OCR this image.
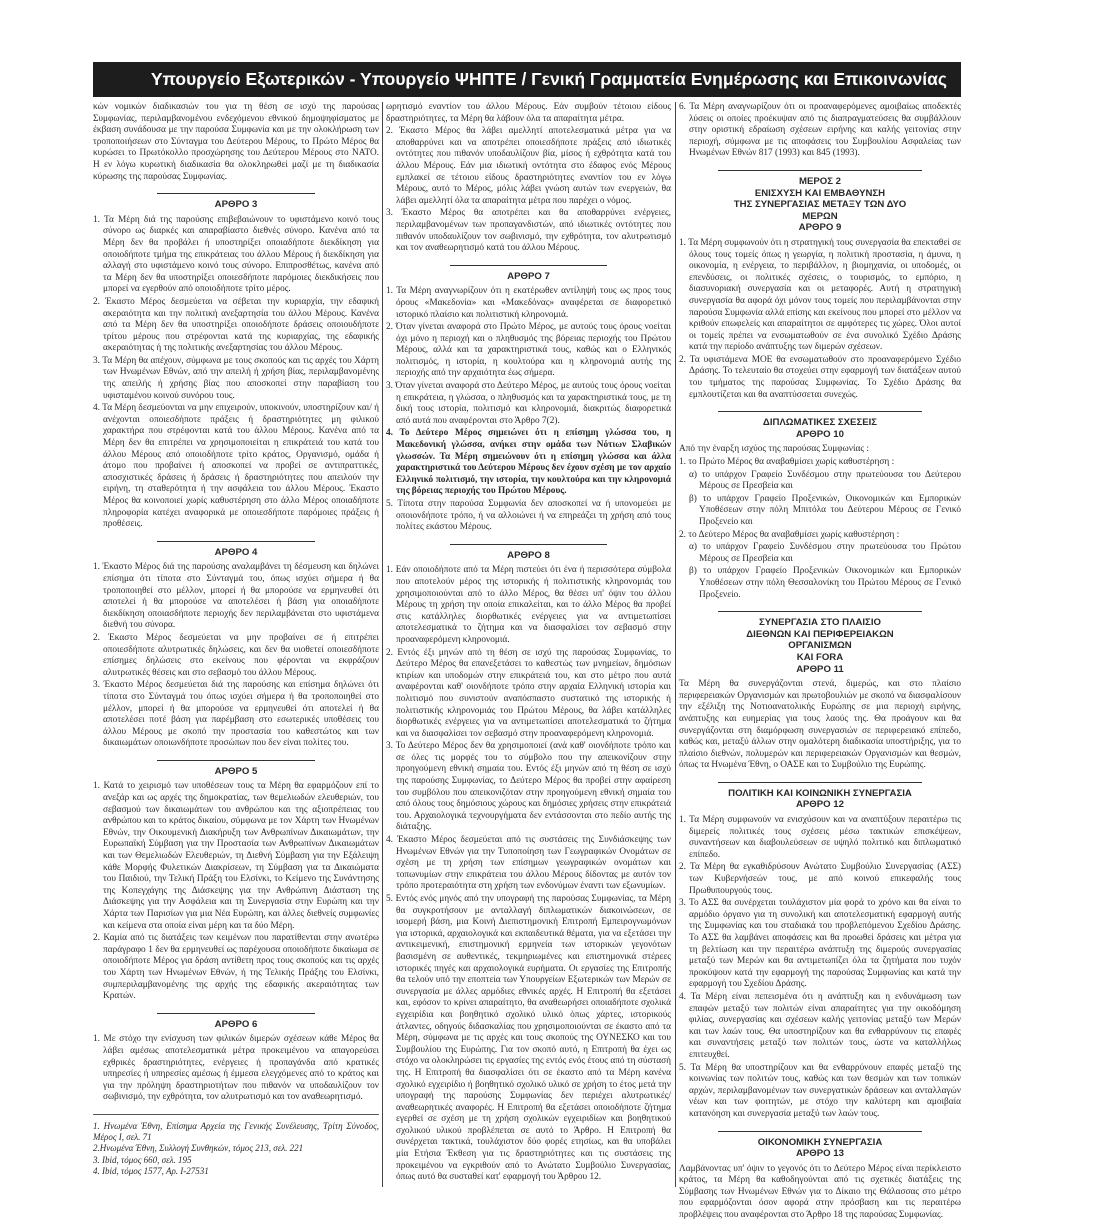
Υπουργείο Εξωτερικών - Υπουργείο ΨΗΠΤΕ / Γενική Γραμματεία Ενημέρωσης και Επικοινωνίας
κών νομικών διαδικασιών του για τη θέση σε ισχύ της παρούσας Συμφωνίας, περιλαμβανομένου ενδεχόμενου εθνικού δημοψηφίσματος με έκβαση συνάδουσα με την παρούσα Συμφωνία και με την ολοκλήρωση των τροποποιήσεων στο Σύνταγμα του Δεύτερου Μέρους, το Πρώτο Μέρος θα κυρώσει το Πρωτόκολλο προσχώρησης του Δεύτερου Μέρους στο NATO. Η εν λόγω κυρωτική διαδικασία θα ολοκληρωθεί μαζί με τη διαδικασία κύρωσης της παρούσας Συμφωνίας.
ΑΡΘΡΟ 3
1. Τα Μέρη διά της παρούσης επιβεβαιώνουν το υφιστάμενο κοινό τους σύνορο ως διαρκές και απαραβίαστο διεθνές σύνορο. Κανένα από τα Μέρη δεν θα προβάλει ή υποστηρίξει οποιαδήποτε διεκδίκηση για οποιοδήποτε τμήμα της επικράτειας του άλλου Μέρους ή διεκδίκηση για αλλαγή στο υφιστάμενο κοινό τους σύνορο. Επιπροσθέτως, κανένα από τα Μέρη δεν θα υποστηρίξει οποιεσδήποτε παρόμοιες διεκδικήσεις που μπορεί να εγερθούν από οποιοδήποτε τρίτο μέρος.
2. Έκαστο Μέρος δεσμεύεται να σέβεται την κυριαρχία, την εδαφική ακεραιότητα και την πολιτική ανεξαρτησία του άλλου Μέρους. Κανένα από τα Μέρη δεν θα υποστηρίξει οποιοδήποτε δράσεις οποιουδήποτε τρίτου μέρους που στρέφονται κατά της κυριαρχίας, της εδαφικής ακεραιότητας ή της πολιτικής ανεξαρτησίας του άλλου Μέρους.
3. Τα Μέρη θα απέχουν, σύμφωνα με τους σκοπούς και τις αρχές του Χάρτη των Ηνωμένων Εθνών, από την απειλή ή χρήση βίας, περιλαμβανομένης της απειλής ή χρήσης βίας που αποσκοπεί στην παραβίαση του υφισταμένου κοινού συνόρου τους.
4. Τα Μέρη δεσμεύονται να μην επιχειρούν, υποκινούν, υποστηρίζουν και/ ή ανέχονται οποιεσδήποτε πράξεις ή δραστηριότητες μη φιλικού χαρακτήρα που στρέφονται κατά του άλλου Μέρους. Κανένα από τα Μέρη δεν θα επιτρέπει να χρησιμοποιείται η επικράτειά του κατά του άλλου Μέρους από οποιοδήποτε τρίτο κράτος, Οργανισμό, ομάδα ή άτομο που προβαίνει ή αποσκοπεί να προβεί σε αντιπραττικές, αποσχιστικές δράσεις ή δράσεις ή δραστηριότητες που απειλούν την ειρήνη, τη σταθερότητα ή την ασφάλεια του άλλου Μέρους. Έκαστο Μέρος θα κοινοποιεί χωρίς καθυστέρηση στο άλλο Μέρος οποιαδήποτε πληροφορία κατέχει αναφορικά με οποιεσδήποτε παρόμοιες πράξεις ή προθέσεις.
ΑΡΘΡΟ 4
1. Έκαστο Μέρος διά της παρούσης αναλαμβάνει τη δέσμευση και δηλώνει επίσημα ότι τίποτα στο Σύνταγμά του, όπως ισχύει σήμερα ή θα τροποποιηθεί στο μέλλον, μπορεί ή θα μπορούσε να ερμηνευθεί ότι αποτελεί ή θα μπορούσε να αποτελέσει ή βάση για οποιαδήποτε διεκδίκηση οποιασδήποτε περιοχής δεν περιλαμβάνεται στο υφιστάμενα διεθνή του σύνορα.
2. Έκαστο Μέρος δεσμεύεται να μην προβαίνει σε ή επιτρέπει οποιεσδήποτε αλυτρωτικές δηλώσεις, και δεν θα υιοθετεί οποιεσδήποτε επίσημες δηλώσεις στο εκείνους που φέρονται να εκφράζουν αλυτρωτικές θέσεις και στο σεβασμό του άλλου Μέρους.
3. Έκαστο Μέρος δεσμεύεται διά της παρούσης και επίσημα δηλώνει ότι τίποτα στο Σύνταγμά του όπως ισχύει σήμερα ή θα τροποποιηθεί στο μέλλον, μπορεί ή θα μπορούσε να ερμηνευθεί ότι αποτελεί ή θα αποτελέσει ποτέ βάση για παρέμβαση στο εσωτερικές υποθέσεις του άλλου Μέρους με σκοπό την προστασία του καθεστώτος και των δικαιωμάτων οποιωνδήποτε προσώπων που δεν είναι πολίτες του.
ΑΡΘΡΟ 5
1. Κατά το χειρισμό των υποθέσεων τους τα Μέρη θα εφαρμόζουν επί το ανεξάρ και ως αρχές της δημοκρατίας, των θεμελιωδών ελευθεριών, του σεβασμού των δικαιωμάτων του ανθρώπου και της αξιοπρέπειας του ανθρώπου και το κράτος δικαίου, σύμφωνα με τον Χάρτη των Ηνωμένων Εθνών, την Οικουμενική Διακήρυξη των Ανθρωπίνων Δικαιωμάτων, την Ευρωπαϊκή Σύμβαση για την Προστασία των Ανθρωπίνων Δικαιωμάτων και των Θεμελιωδών Ελευθεριών, τη Διεθνή Σύμβαση για την Εξάλειψη κάθε Μορφής Φυλετικών Διακρίσεων, τη Σύμβαση για τα Δικαιώματα του Παιδιού, την Τελική Πράξη του Ελσίνκι, το Κείμενο της Συνάντησης της Κοπεγχάγης της Διάσκεψης για την Ανθρώπινη Διάσταση της Διάσκεψης για την Ασφάλεια και τη Συνεργασία στην Ευρώπη και την Χάρτα των Παρισίων για μια Νέα Ευρώπη, και άλλες διεθνείς συμφωνίες και κείμενα στα οποία είναι μέρη και τα δύο Μέρη.
2. Καμία από τις διατάξεις των κειμένων που παρατίθενται στην ανωτέρω παράγραφο 1 δεν θα ερμηνευθεί ως παρέχουσα οποιοδήποτε δικαίωμα σε οποιοδήποτε Μέρος για δράση αντίθετη προς τους σκοπούς και τις αρχές του Χάρτη των Ηνωμένων Εθνών, ή της Τελικής Πράξης του Ελσίνκι, συμπεριλαμβανομένης της αρχής της εδαφικής ακεραιότητας των Κρατών.
ΑΡΘΡΟ 6
1. Με στόχο την ενίσχυση των φιλικών διμερών σχέσεων κάθε Μέρος θα λάβει αμέσως αποτελεσματικά μέτρα προκειμένου να απαγορεύσει εχθρικές δραστηριότητες, ενέργειες ή προπαγάνδα από κρατικές υπηρεσίες ή υπηρεσίες αμέσως ή έμμεσα ελεγχόμενες από το κράτος και για την πρόληψη δραστηριοτήτων που πιθανόν να υποδαυλίζουν τον σωβινισμό, την εχθρότητα, τον αλυτρωτισμό και τον αναθεωρητισμό.
1. Ηνωμένα Έθνη, Επίσημα Αρχεία της Γενικής Συνέλευσης, Τρίτη Σύνοδος, Μέρος Ι, σελ. 71
2.Ηνωμένα Έθνη, Συλλογή Συνθηκών, τόμος 213, σελ. 221
3. Ibid, τόμος 660, σελ. 195
4. Ibid, τόμος 1577, Αρ. Ι-27531
ωρητισμό εναντίον του άλλου Μέρους. Εάν συμβούν τέτοιου είδους δραστηριότητες, τα Μέρη θα λάβουν όλα τα απαραίτητα μέτρα.
2. Έκαστο Μέρος θα λάβει αμελλητί αποτελεσματικά μέτρα για να αποθαρρύνει και να αποτρέπει οποιεσδήποτε πράξεις από ιδιωτικές οντότητες που πιθανόν υποδαυλίζουν βία, μίσος ή εχθρότητα κατά του άλλου Μέρους. Εάν μια ιδιωτική οντότητα στο έδαφος ενός Μέρους εμπλακεί σε τέτοιου είδους δραστηριότητες εναντίον του εν λόγω Μέρους, αυτό το Μέρος, μόλις λάβει γνώση αυτών των ενεργειών, θα λάβει αμελλητί όλα τα απαραίτητα μέτρα που παρέχει ο νόμος.
3. Έκαστο Μέρος θα αποτρέπει και θα αποθαρρύνει ενέργειες, περιλαμβανομένων των προπαγανδιστών, από ιδιωτικές οντότητες που πιθανόν υποδαυλίζουν τον σωβινισμό, την εχθρότητα, τον αλυτρωτισμό και τον αναθεωρητισμό κατά του άλλου Μέρους.
ΑΡΘΡΟ 7
1. Τα Μέρη αναγνωρίζουν ότι η εκατέρωθεν αντίληψή τους ως προς τους όρους «Μακεδονία» και «Μακεδόνας» αναφέρεται σε διαφορετικό ιστορικό πλαίσιο και πολιτιστική κληρονομιά.
2. Όταν γίνεται αναφορά στο Πρώτο Μέρος, με αυτούς τους όρους νοείται όχι μόνο η περιοχή και ο πληθυσμός της βόρειας περιοχής του Πρώτου Μέρους, αλλά και τα χαρακτηριστικά τους, καθώς και ο Ελληνικός πολιτισμός, η ιστορία, η κουλτούρα και η κληρονομιά αυτής της περιοχής από την αρχαιότητα έως σήμερα.
3. Όταν γίνεται αναφορά στο Δεύτερο Μέρος, με αυτούς τους όρους νοείται η επικράτεια, η γλώσσα, ο πληθυσμός και τα χαρακτηριστικά τους, με τη δική τους ιστορία, πολιτισμό και κληρονομιά, διακριτώς διαφορετικά από αυτά που αναφέρονται στο Άρθρο 7(2).
4. Το Δεύτερο Μέρος σημειώνει ότι η επίσημη γλώσσα του, η Μακεδονική γλώσσα, ανήκει στην ομάδα των Νότιων Σλαβικών γλωσσών. Τα Μέρη σημειώνουν ότι η επίσημη γλώσσα και άλλα χαρακτηριστικά του Δεύτερου Μέρους δεν έχουν σχέση με τον αρχαίο Ελληνικό πολιτισμό, την ιστορία, την κουλτούρα και την κληρονομιά της βόρειας περιοχής του Πρώτου Μέρους.
5. Τίποτα στην παρούσα Συμφωνία δεν αποσκοπεί να ή υπονομεύει με οποιονδήποτε τρόπο, ή να αλλοιώνει ή να επηρεάζει τη χρήση από τους πολίτες εκάστου Μέρους.
ΑΡΘΡΟ 8
1. Εάν οποιοδήποτε από τα Μέρη πιστεύει ότι ένα ή περισσότερα σύμβολα που αποτελούν μέρος της ιστορικής ή πολιτιστικής κληρονομιάς του χρησιμοποιούνται από το άλλο Μέρος, θα θέσει υπ' όψιν του άλλου Μέρους τη χρήση την οποία επικαλείται, και το άλλο Μέρος θα προβεί στις κατάλληλες διορθωτικές ενέργειες για να αντιμετωπίσει αποτελεσματικά το ζήτημα και να διασφαλίσει τον σεβασμό στην προαναφερόμενη κληρονομιά.
2. Εντός έξι μηνών από τη θέση σε ισχύ της παρούσας Συμφωνίας, το Δεύτερο Μέρος θα επανεξετάσει το καθεστώς των μνημείων, δημόσιων κτιρίων και υποδομών στην επικράτειά του, και στο μέτρο που αυτά αναφέρονται καθ' οιονδήποτε τρόπο στην αρχαία Ελληνική ιστορία και πολιτισμό που συνιστούν αναπόσπαστο συστατικό της ιστορικής ή πολιτιστικής κληρονομιάς του Πρώτου Μέρους, θα λάβει κατάλληλες διορθωτικές ενέργειες για να αντιμετωπίσει αποτελεσματικά το ζήτημα και να διασφαλίσει τον σεβασμό στην προαναφερόμενη κληρονομιά.
3. Το Δεύτερο Μέρος δεν θα χρησιμοποιεί (ανά καθ' οιονδήποτε τρόπο και σε όλες τις μορφές του το σύμβολο που την απεικονίζουν στην προηγούμενη εθνική σημαία του. Εντός έξι μηνών από τη θέση σε ισχύ της παρούσης Συμφωνίας, το Δεύτερο Μέρος θα προβεί στην αφαίρεση του συμβόλου που απεικονιζόταν στην προηγούμενη εθνική σημαία του από όλους τους δημόσιους χώρους και δημόσιες χρήσεις στην επικράτειά του. Αρχαιολογικά τεχνουργήματα δεν εντάσσονται στο πεδίο αυτής της διάταξης.
4. Έκαστο Μέρος δεσμεύεται από τις συστάσεις της Συνδιάσκεψης των Ηνωμένων Εθνών για την Τυποποίηση των Γεωγραφικών Ονομάτων σε σχέση με τη χρήση των επίσημων γεωγραφικών ονομάτων και τοπωνυμίων στην επικράτεια του άλλου Μέρους δίδοντας με αυτόν τον τρόπο προτεραιότητα στη χρήση των ενδονύμων έναντι των εξωνυμίων.
5. Εντός ενός μηνός από την υπογραφή της παρούσας Συμφωνίας, τα Μέρη θα συγκροτήσουν με ανταλλαγή διπλωματικών διακοινώσεων, σε ισομερή βάση, μια Κοινή Διεπιστημονική Επιτροπή Εμπειρογνωμόνων για ιστορικά, αρχαιολογικά και εκπαιδευτικά θέματα, για να εξετάσει την αντικειμενική, επιστημονική ερμηνεία των ιστορικών γεγονότων βασισμένη σε αυθεντικές, τεκμηριωμένες και επιστημονικά στέρεες ιστορικές πηγές και αρχαιολογικά ευρήματα. Οι εργασίες της Επιτροπής θα τελούν υπό την εποπτεία των Υπουργείων Εξωτερικών των Μερών σε συνεργασία με άλλες αρμόδιες εθνικές αρχές. Η Επιτροπή θα εξετάσει και, εφόσον το κρίνει απαραίτητο, θα αναθεωρήσει οποιαδήποτε σχολικά εγχειρίδια και βοηθητικό σχολικό υλικό όπως χάρτες, ιστορικούς άτλαντες, οδηγούς διδασκαλίας που χρησιμοποιούνται σε έκαστο από τα Μέρη, σύμφωνα με τις αρχές και τους σκοπούς της ΟΥΝΕΣΚΟ και του Συμβουλίου της Ευρώπης. Για τον σκοπό αυτό, η Επιτροπή θα έχει ως στόχο να ολοκληρώσει τις εργασίες της εντός ενός έτους από τη σύστασή της. Η Επιτροπή θα διασφαλίσει ότι σε έκαστο από τα Μέρη κανένα σχολικό εγχειρίδιο ή βοηθητικό σχολικό υλικό σε χρήση το έτος μετά την υπογραφή της παρούσης Συμφωνίας δεν περιέχει αλυτρωτικές/αναθεωρητικές αναφορές. Η Επιτροπή θα εξετάσει οποιοδήποτε ζήτημα εγερθεί σε σχέση με τη χρήση σχολικών εγχειριδίων και βοηθητικού σχολικού υλικού προβλέπεται σε αυτό το Άρθρο. Η Επιτροπή θα συνέρχεται τακτικά, τουλάχιστον δύο φορές ετησίως, και θα υποβάλει μία Ετήσια Έκθεση για τις δραστηριότητες και τις συστάσεις της προκειμένου να εγκριθούν από το Ανώτατο Συμβούλιο Συνεργασίας, όπως αυτό θα συσταθεί κατ' εφαρμογή του Άρθρου 12.
6. Τα Μέρη αναγνωρίζουν ότι οι προαναφερόμενες αμοιβαίως αποδεκτές λύσεις οι οποίες προέκυψαν από τις διαπραγματεύσεις θα συμβάλλουν στην οριστική εδραίωση σχέσεων ειρήνης και καλής γειτονίας στην περιοχή, σύμφωνα με τις αποφάσεις του Συμβουλίου Ασφαλείας των Ηνωμένων Εθνών 817 (1993) και 845 (1993).
ΜΕΡΟΣ 2
ΕΝΙΣΧΥΣΗ ΚΑΙ ΕΜΒΑΘΥΝΣΗ
ΤΗΣ ΣΥΝΕΡΓΑΣΙΑΣ ΜΕΤΑΞΥ ΤΩΝ ΔΥΟ ΜΕΡΩΝ
ΑΡΘΡΟ 9
1. Τα Μέρη συμφωνούν ότι η στρατηγική τους συνεργασία θα επεκταθεί σε όλους τους τομείς όπως η γεωργία, η πολιτική προστασία, η άμυνα, η οικονομία, η ενέργεια, το περιβάλλον, η βιομηχανία, οι υποδομές, οι επενδύσεις, οι πολιτικές σχέσεις, ο τουρισμός, το εμπόριο, η διασυνοριακή συνεργασία και οι μεταφορές. Αυτή η στρατηγική συνεργασία θα αφορά όχι μόνον τους τομείς που περιλαμβάνονται στην παρούσα Συμφωνία αλλά επίσης και εκείνους που μπορεί στο μέλλον να κριθούν επωφελείς και απαραίτητοι σε αμφότερες τις χώρες. Όλοι αυτοί οι τομείς πρέπει να ενσωματωθούν σε ένα συνολικό Σχέδιο Δράσης κατά την περίοδο ανάπτυξης των διμερών σχέσεων.
2. Τα υφιστάμενα ΜΟΕ θα ενσωματωθούν στο προαναφερόμενο Σχέδιο Δράσης. Το τελευταίο θα στοχεύει στην εφαρμογή των διατάξεων αυτού του τμήματος της παρούσας Συμφωνίας. Το Σχέδιο Δράσης θα εμπλουτίζεται και θα αναπτύσσεται συνεχώς.
ΔΙΠΛΩΜΑΤΙΚΕΣ ΣΧΕΣΕΙΣ
ΑΡΘΡΟ 10
Από την έναρξη ισχύος της παρούσας Συμφωνίας :
1. το Πρώτο Μέρος θα αναβαθμίσει χωρίς καθυστέρηση :
α) το υπάρχον Γραφείο Συνδέσμου στην πρωτεύουσα του Δεύτερου Μέρους σε Πρεσβεία και
β) το υπάρχον Γραφείο Προξενικών, Οικονομικών και Εμπορικών Υποθέσεων στην πόλη Μπιτόλα του Δεύτερου Μέρους σε Γενικό Προξενείο και
2. το Δεύτερο Μέρος θα αναβαθμίσει χωρίς καθυστέρηση :
α) το υπάρχον Γραφείο Συνδέσμου στην πρωτεύουσα του Πρώτου Μέρους σε Πρεσβεία και
β) το υπάρχον Γραφείο Προξενικών Οικονομικών και Εμπορικών Υποθέσεων στην πόλη Θεσσαλονίκη του Πρώτου Μέρους σε Γενικό Προξενείο.
ΣΥΝΕΡΓΑΣΙΑ ΣΤΟ ΠΛΑΙΣΙΟ
ΔΙΕΘΝΩΝ ΚΑΙ ΠΕΡΙΦΕΡΕΙΑΚΩΝ ΟΡΓΑΝΙΣΜΩΝ
ΚΑΙ FORA
ΑΡΘΡΟ 11
Τα Μέρη θα συνεργάζονται στενά, διμερώς, και στο πλαίσιο περιφερειακών Οργανισμών και πρωτοβουλιών με σκοπό να διασφαλίσουν την εξέλιξη της Νοτιοανατολικής Ευρώπης σε μια περιοχή ειρήνης, ανάπτυξης και ευημερίας για τους λαούς της. Θα προάγουν και θα συνεργάζονται στη διαμόρφωση συνεργασιών σε περιφερειακό επίπεδο, καθώς και, μεταξύ άλλων στην ομαλότερη διαδικασία υποστήριξης, για το πλαίσιο διεθνών, πολυμερών και περιφερειακών Οργανισμών και θεσμών, όπως τα Ηνωμένα Έθνη, ο ΟΑΣΕ και το Συμβούλιο της Ευρώπης.
ΠΟΛΙΤΙΚΗ ΚΑΙ ΚΟΙΝΩΝΙΚΗ ΣΥΝΕΡΓΑΣΙΑ
ΑΡΘΡΟ 12
1. Τα Μέρη συμφωνούν να ενισχύσουν και να αναπτύξουν περαιτέρω τις διμερείς πολιτικές τους σχέσεις μέσω τακτικών επισκέψεων, συναντήσεων και διαβουλεύσεων σε υψηλό πολιτικό και διπλωματικό επίπεδο.
2. Τα Μέρη θα εγκαθιδρύσουν Ανώτατο Συμβούλιο Συνεργασίας (ΑΣΣ) των Κυβερνήσεών τους, με από κοινού επικεφαλής τους Πρωθυπουργούς τους.
3. Το ΑΣΣ θα συνέρχεται τουλάχιστον μία φορά το χρόνο και θα είναι το αρμόδιο όργανο για τη συνολική και αποτελεσματική εφαρμογή αυτής της Συμφωνίας και του σταδιακά του προβλεπόμενου Σχεδίου Δράσης. Το ΑΣΣ θα λαμβάνει αποφάσεις και θα προωθεί δράσεις και μέτρα για τη βελτίωση και την περαιτέρω ανάπτυξη της διμερούς συνεργασίας μεταξύ των Μερών και θα αντιμετωπίζει όλα τα ζητήματα που τυχόν προκύψουν κατά την εφαρμογή της παρούσας Συμφωνίας και κατά την εφαρμογή του Σχεδίου Δράσης.
4. Τα Μέρη είναι πεπεισμένα ότι η ανάπτυξη και η ενδυνάμωση των επαφών μεταξύ των πολιτών είναι απαραίτητες για την οικοδόμηση φιλίας, συνεργασίας και σχέσεων καλής γειτονίας μεταξύ των Μερών και των λαών τους. Θα υποστηρίζουν και θα ενθαρρύνουν τις επαφές και συναντήσεις μεταξύ των πολιτών τους, ώστε να καταλλήλως επιτευχθεί.
5. Τα Μέρη θα υποστηρίζουν και θα ενθαρρύνουν επαφές μεταξύ της κοινωνίας των πολιτών τους, καθώς και των θεσμών και των τοπικών αρχών, περιλαμβανομένων των συνεργατικών δράσεων και ανταλλαγών νέων και των φοιτητών, με στόχο την καλύτερη και αμοιβαία κατανόηση και συνεργασία μεταξύ των λαών τους.
ΟΙΚΟΝΟΜΙΚΗ ΣΥΝΕΡΓΑΣΙΑ
ΑΡΘΡΟ 13
Λαμβάνοντας υπ' όψιν το γεγονός ότι το Δεύτερο Μέρος είναι περίκλειστο κράτος, τα Μέρη θα καθοδηγούνται από τις σχετικές διατάξεις της Σύμβασης των Ηνωμένων Εθνών για το Δίκαιο της Θάλασσας στο μέτρο που εφαρμόζονται όσον αφορά στην πρόσβαση και τις περαιτέρω προβλέψεις που αναφέρονται στο Άρθρο 18 της παρούσας Συμφωνίας.
